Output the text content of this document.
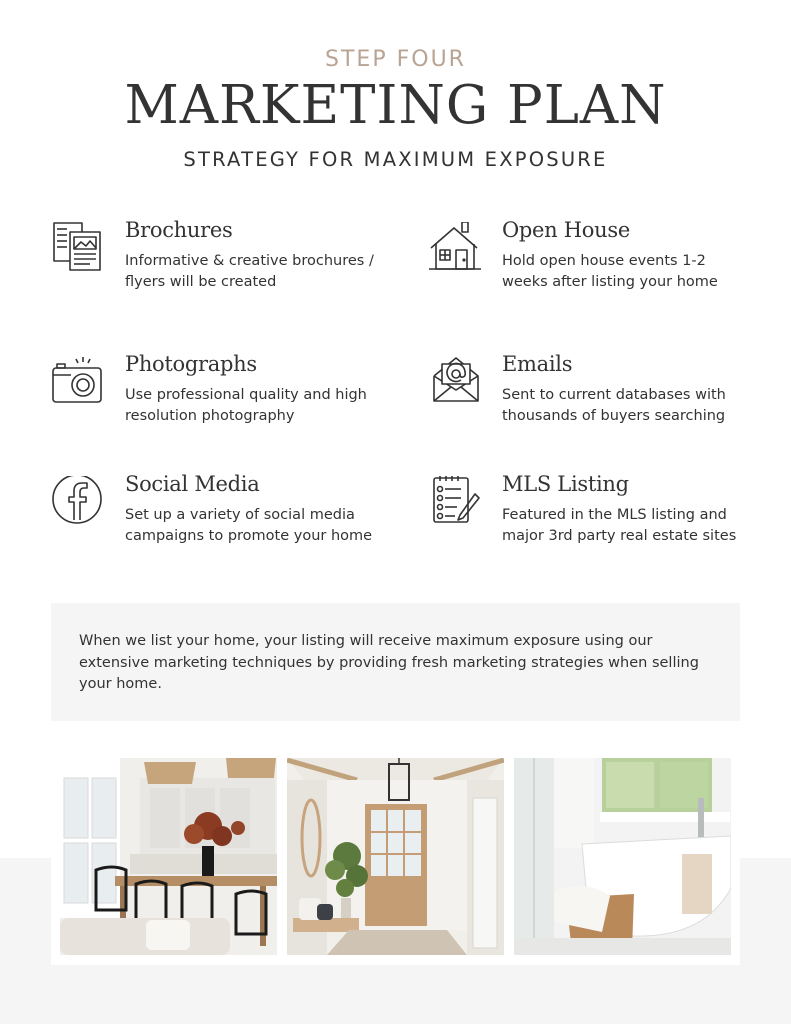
STEP FOUR
MARKETING PLAN
STRATEGY FOR MAXIMUM EXPOSURE
Brochures
Informative & creative brochures / flyers will be created
Open House
Hold open house events 1-2 weeks after listing your home
Photographs
Use professional quality and high resolution photography
Emails
Sent to current databases with thousands of buyers searching
Social Media
Set up a variety of social media campaigns to promote your home
MLS Listing
Featured in the MLS listing and major 3rd party real estate sites
When we list your home, your listing will receive maximum exposure using our extensive marketing techniques by providing fresh marketing strategies when selling your home.
